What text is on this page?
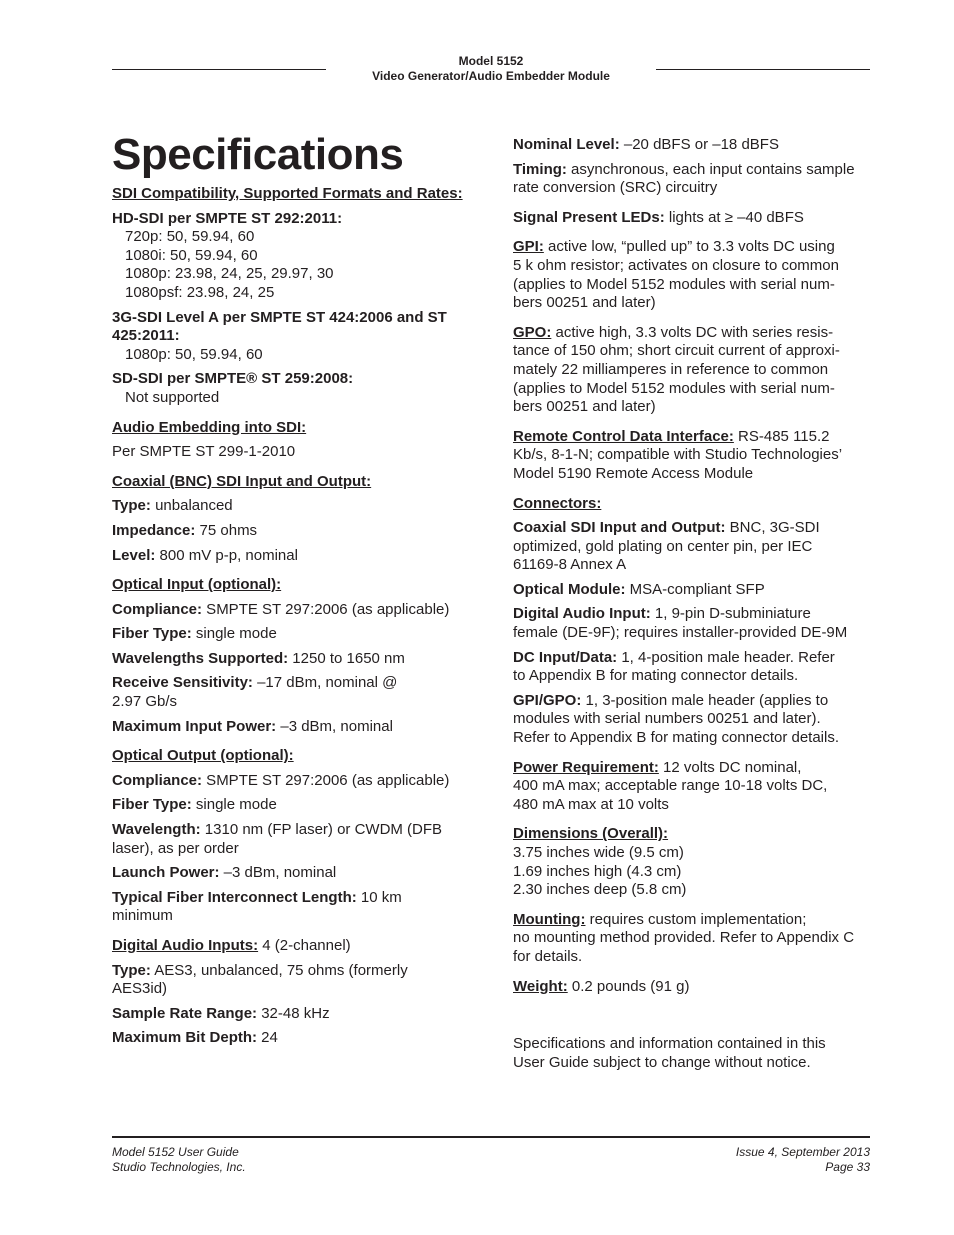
Model 5152
Video Generator/Audio Embedder Module
Specifications
SDI Compatibility, Supported Formats and Rates:
HD-SDI per SMPTE ST 292:2011:
720p: 50, 59.94, 60
1080i: 50, 59.94, 60
1080p: 23.98, 24, 25, 29.97, 30
1080psf: 23.98, 24, 25
3G-SDI Level A per SMPTE ST 424:2006 and ST 425:2011:
1080p: 50, 59.94, 60
SD-SDI per SMPTE® ST 259:2008:
Not supported
Audio Embedding into SDI:
Per SMPTE ST 299-1-2010
Coaxial (BNC) SDI Input and Output:
Type: unbalanced
Impedance: 75 ohms
Level: 800 mV p-p, nominal
Optical Input (optional):
Compliance: SMPTE ST 297:2006 (as applicable)
Fiber Type: single mode
Wavelengths Supported: 1250 to 1650 nm
Receive Sensitivity: –17 dBm, nominal @ 2.97 Gb/s
Maximum Input Power: –3 dBm, nominal
Optical Output (optional):
Compliance: SMPTE ST 297:2006 (as applicable)
Fiber Type: single mode
Wavelength: 1310 nm (FP laser) or CWDM (DFB laser), as per order
Launch Power: –3 dBm, nominal
Typical Fiber Interconnect Length: 10 km minimum
Digital Audio Inputs: 4 (2-channel)
Type: AES3, unbalanced, 75 ohms (formerly AES3id)
Sample Rate Range: 32-48 kHz
Maximum Bit Depth: 24
Nominal Level: –20 dBFS or –18 dBFS
Timing: asynchronous, each input contains sample rate conversion (SRC) circuitry
Signal Present LEDs: lights at ≥ –40 dBFS
GPI: active low, “pulled up” to 3.3 volts DC using
5 k ohm resistor; activates on closure to common
(applies to Model 5152 modules with serial num-
bers 00251 and later)
GPO: active high, 3.3 volts DC with series resis-
tance of 150 ohm; short circuit current of approxi-
mately 22 milliamperes in reference to common
(applies to Model 5152 modules with serial num-
bers 00251 and later)
Remote Control Data Interface: RS-485 115.2
Kb/s, 8-1-N; compatible with Studio Technologies’
Model 5190 Remote Access Module
Connectors:
Coaxial SDI Input and Output: BNC, 3G-SDI
optimized, gold plating on center pin, per IEC
61169-8 Annex A
Optical Module: MSA-compliant SFP
Digital Audio Input: 1, 9-pin D-subminiature
female (DE-9F); requires installer-provided DE-9M
DC Input/Data: 1, 4-position male header. Refer
to Appendix B for mating connector details.
GPI/GPO: 1, 3-position male header (applies to
modules with serial numbers 00251 and later).
Refer to Appendix B for mating connector details.
Power Requirement: 12 volts DC nominal,
400 mA max; acceptable range 10-18 volts DC,
480 mA max at 10 volts
Dimensions (Overall):
3.75 inches wide (9.5 cm)
1.69 inches high (4.3 cm)
2.30 inches deep (5.8 cm)
Mounting: requires custom implementation;
no mounting method provided. Refer to Appendix C
for details.
Weight: 0.2 pounds (91 g)
Specifications and information contained in this
User Guide subject to change without notice.
Model 5152 User Guide
Studio Technologies, Inc.
Issue 4, September 2013
Page 33
